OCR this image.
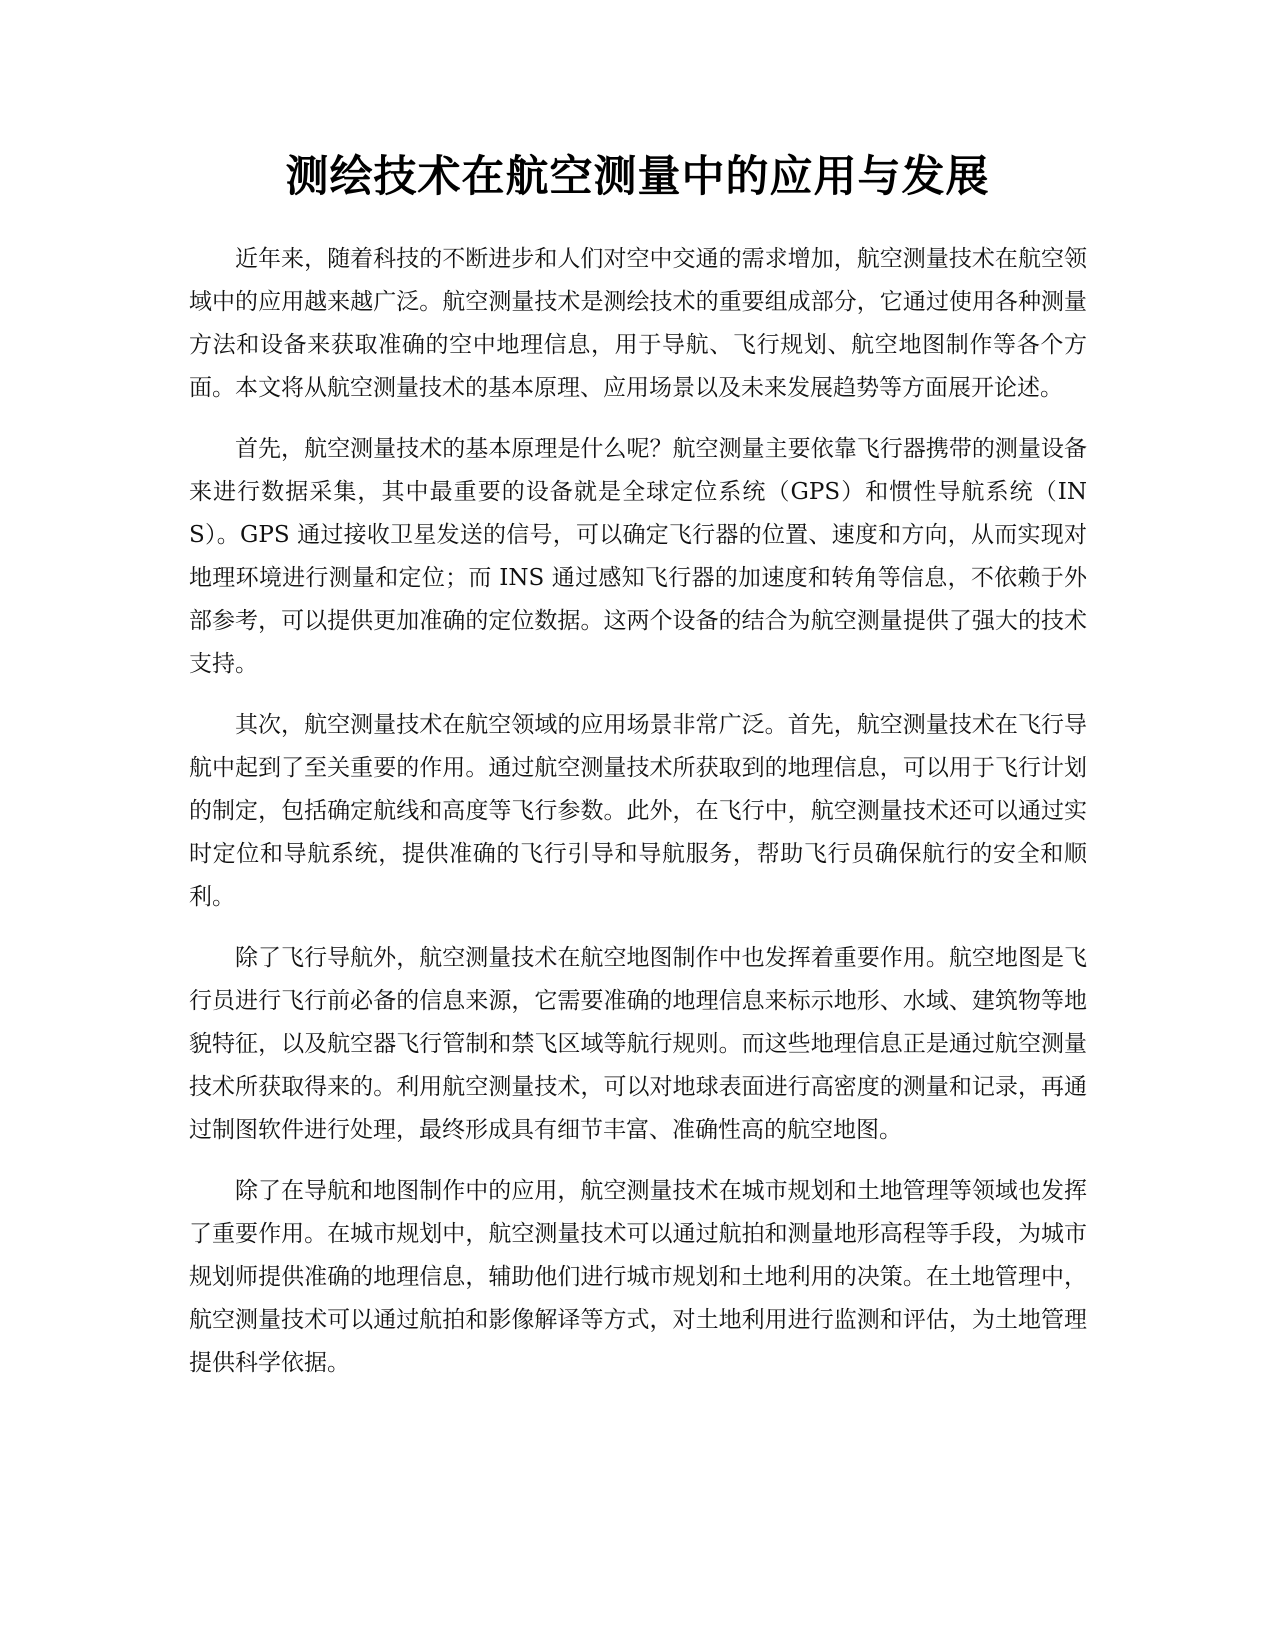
测绘技术在航空测量中的应用与发展

近年来，随着科技的不断进步和人们对空中交通的需求增加，航空测量技术在航空领域中的应用越来越广泛。航空测量技术是测绘技术的重要组成部分，它通过使用各种测量方法和设备来获取准确的空中地理信息，用于导航、飞行规划、航空地图制作等各个方面。本文将从航空测量技术的基本原理、应用场景以及未来发展趋势等方面展开论述。

首先，航空测量技术的基本原理是什么呢？航空测量主要依靠飞行器携带的测量设备来进行数据采集，其中最重要的设备就是全球定位系统（GPS）和惯性导航系统（INS）。GPS 通过接收卫星发送的信号，可以确定飞行器的位置、速度和方向，从而实现对地理环境进行测量和定位；而 INS 通过感知飞行器的加速度和转角等信息，不依赖于外部参考，可以提供更加准确的定位数据。这两个设备的结合为航空测量提供了强大的技术支持。

其次，航空测量技术在航空领域的应用场景非常广泛。首先，航空测量技术在飞行导航中起到了至关重要的作用。通过航空测量技术所获取到的地理信息，可以用于飞行计划的制定，包括确定航线和高度等飞行参数。此外，在飞行中，航空测量技术还可以通过实时定位和导航系统，提供准确的飞行引导和导航服务，帮助飞行员确保航行的安全和顺利。

除了飞行导航外，航空测量技术在航空地图制作中也发挥着重要作用。航空地图是飞行员进行飞行前必备的信息来源，它需要准确的地理信息来标示地形、水域、建筑物等地貌特征，以及航空器飞行管制和禁飞区域等航行规则。而这些地理信息正是通过航空测量技术所获取得来的。利用航空测量技术，可以对地球表面进行高密度的测量和记录，再通过制图软件进行处理，最终形成具有细节丰富、准确性高的航空地图。

除了在导航和地图制作中的应用，航空测量技术在城市规划和土地管理等领域也发挥了重要作用。在城市规划中，航空测量技术可以通过航拍和测量地形高程等手段，为城市规划师提供准确的地理信息，辅助他们进行城市规划和土地利用的决策。在土地管理中，航空测量技术可以通过航拍和影像解译等方式，对土地利用进行监测和评估，为土地管理提供科学依据。
